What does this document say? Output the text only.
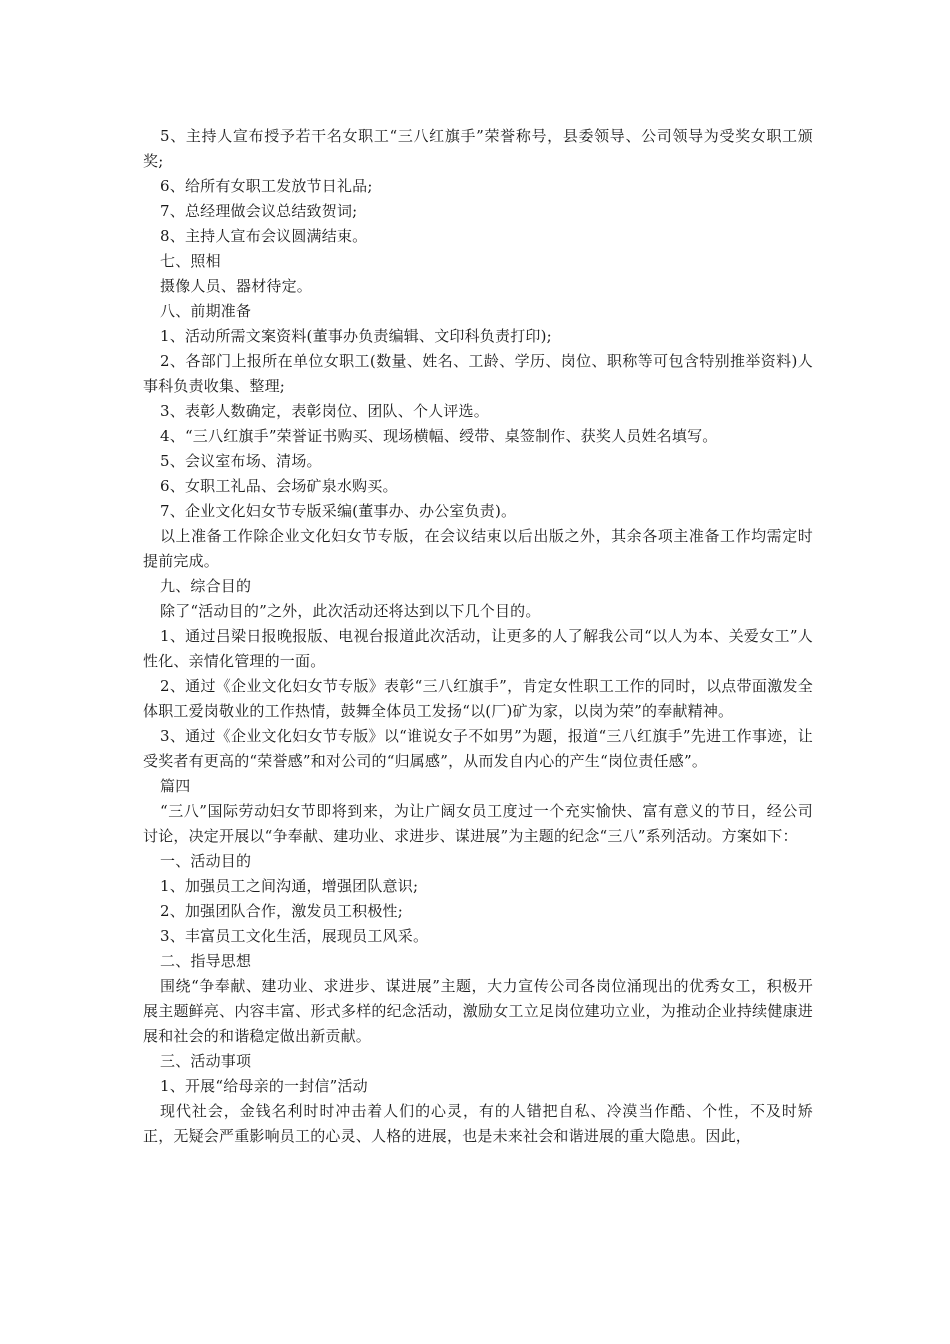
5、主持人宣布授予若干名女职工“三八红旗手”荣誉称号，县委领导、公司领导为受奖女职工颁奖;

6、给所有女职工发放节日礼品;

7、总经理做会议总结致贺词;

8、主持人宣布会议圆满结束。

七、照相

摄像人员、器材待定。

八、前期准备

1、活动所需文案资料(董事办负责编辑、文印科负责打印);

2、各部门上报所在单位女职工(数量、姓名、工龄、学历、岗位、职称等可包含特别推举资料)人事科负责收集、整理;

3、表彰人数确定，表彰岗位、团队、个人评选。

4、“三八红旗手”荣誉证书购买、现场横幅、绶带、桌签制作、获奖人员姓名填写。

5、会议室布场、清场。

6、女职工礼品、会场矿泉水购买。

7、企业文化妇女节专版采编(董事办、办公室负责)。

以上准备工作除企业文化妇女节专版，在会议结束以后出版之外，其余各项主准备工作均需定时提前完成。

九、综合目的

除了“活动目的”之外，此次活动还将达到以下几个目的。

1、通过吕梁日报晚报版、电视台报道此次活动，让更多的人了解我公司“以人为本、关爱女工”人性化、亲情化管理的一面。

2、通过《企业文化妇女节专版》表彰“三八红旗手”，肯定女性职工工作的同时，以点带面激发全体职工爱岗敬业的工作热情，鼓舞全体员工发扬“以(厂)矿为家，以岗为荣”的奉献精神。

3、通过《企业文化妇女节专版》以“谁说女子不如男”为题，报道“三八红旗手”先进工作事迹，让受奖者有更高的“荣誉感”和对公司的“归属感”，从而发自内心的产生“岗位责任感”。

篇四

“三八”国际劳动妇女节即将到来，为让广阔女员工度过一个充实愉快、富有意义的节日，经公司讨论，决定开展以“争奉献、建功业、求进步、谋进展”为主题的纪念“三八”系列活动。方案如下：

一、活动目的

1、加强员工之间沟通，增强团队意识;

2、加强团队合作，激发员工积极性;

3、丰富员工文化生活，展现员工风采。

二、指导思想

围绕“争奉献、建功业、求进步、谋进展”主题，大力宣传公司各岗位涌现出的优秀女工，积极开展主题鲜亮、内容丰富、形式多样的纪念活动，激励女工立足岗位建功立业，为推动企业持续健康进展和社会的和谐稳定做出新贡献。

三、活动事项

1、开展“给母亲的一封信”活动

现代社会，金钱名利时时冲击着人们的心灵，有的人错把自私、冷漠当作酷、个性，不及时矫正，无疑会严重影响员工的心灵、人格的进展，也是未来社会和谐进展的重大隐患。因此，
